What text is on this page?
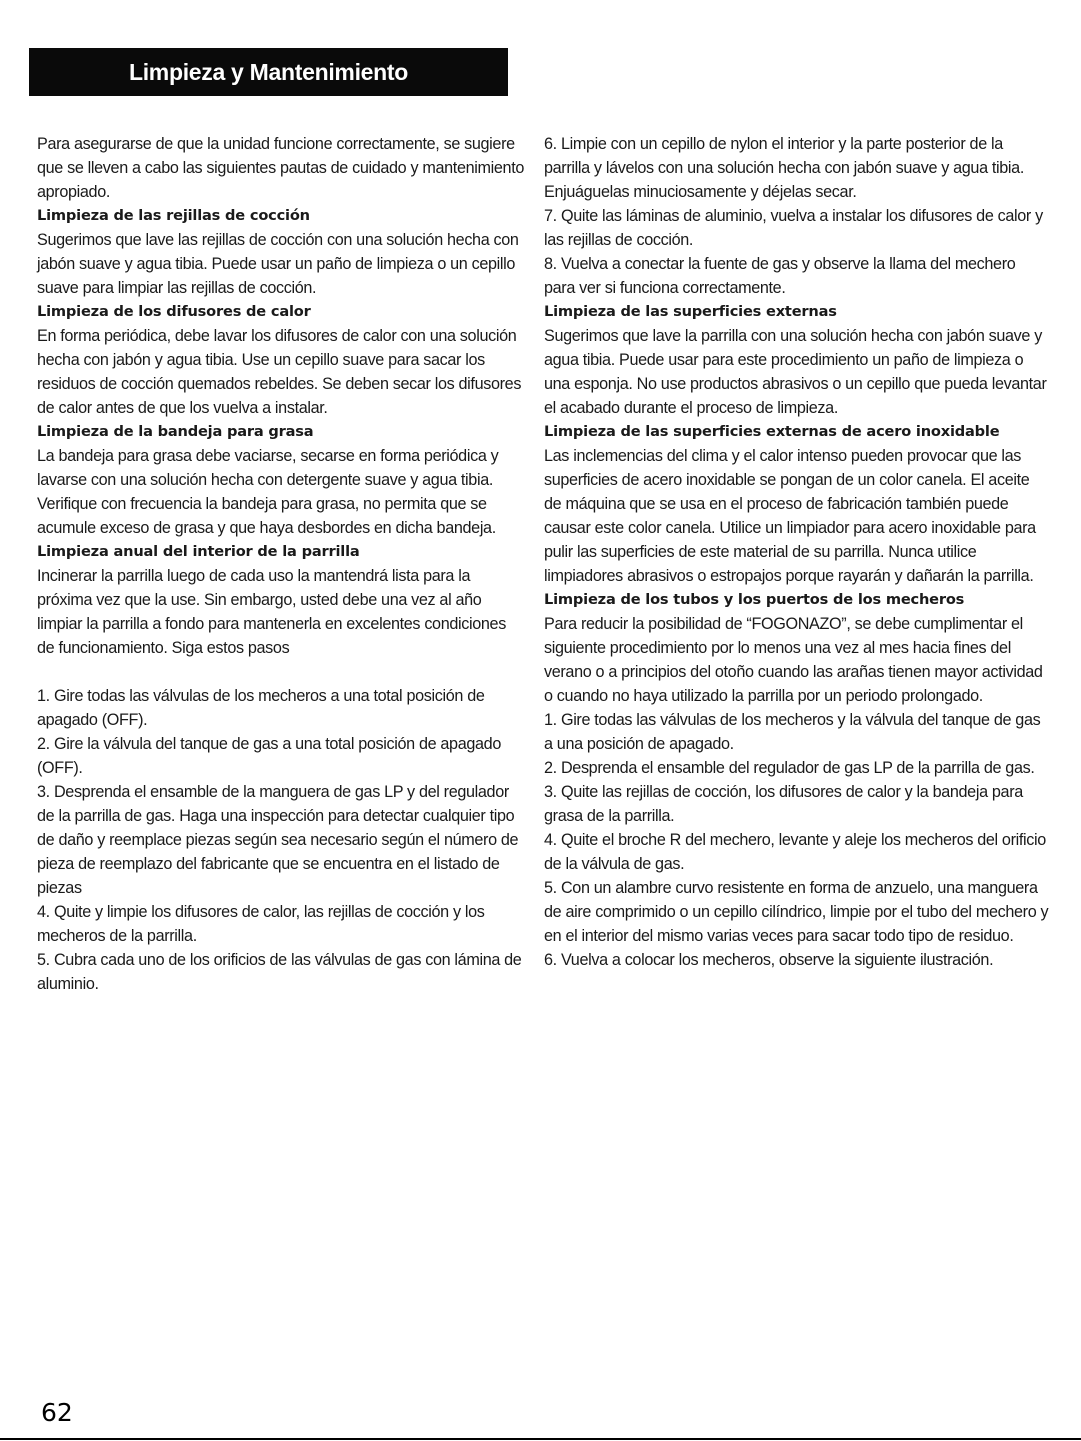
Limpieza y Mantenimiento

Para asegurarse de que la unidad funcione correctamente, se sugiere que se lleven a cabo las siguientes pautas de cuidado y mantenimiento apropiado.

Limpieza de las rejillas de cocción

Sugerimos que lave las rejillas de cocción con una solución hecha con jabón suave y agua tibia. Puede usar un paño de limpieza o un cepillo suave para limpiar las rejillas de cocción.

Limpieza de los difusores de calor

En forma periódica, debe lavar los difusores de calor con una solución hecha con jabón y agua tibia. Use un cepillo suave para sacar los residuos de cocción quemados rebeldes. Se deben secar los difusores de calor antes de que los vuelva a instalar.

Limpieza de la bandeja para grasa

La bandeja para grasa debe vaciarse, secarse en forma periódica y lavarse con una solución hecha con detergente suave y agua tibia. Verifique con frecuencia la bandeja para grasa, no permita que se acumule exceso de grasa y que haya desbordes en dicha bandeja.

Limpieza anual del interior de la parrilla

Incinerar la parrilla luego de cada uso la mantendrá lista para la próxima vez que la use. Sin embargo, usted debe una vez al año limpiar la parrilla a fondo para mantenerla en excelentes condiciones de funcionamiento. Siga estos pasos

1. Gire todas las válvulas de los mecheros a una total posición de apagado (OFF).

2. Gire la válvula del tanque de gas a una total posición de apagado (OFF).

3. Desprenda el ensamble de la manguera de gas LP y del regulador de la parrilla de gas. Haga una inspección para detectar cualquier tipo de daño y reemplace piezas según sea necesario según el número de pieza de reemplazo del fabricante que se encuentra en el listado de piezas

4. Quite y limpie los difusores de calor, las rejillas de cocción y los mecheros de la parrilla.

5. Cubra cada uno de los orificios de las válvulas de gas con lámina de aluminio.

6. Limpie con un cepillo de nylon el interior y la parte posterior de la parrilla y lávelos con una solución hecha con jabón suave y agua tibia.

Enjuáguelas minuciosamente y déjelas secar.

7. Quite las láminas de aluminio, vuelva a instalar los difusores de calor y las rejillas de cocción.

8. Vuelva a conectar la fuente de gas y observe la llama del mechero para ver si funciona correctamente.

Limpieza de las superficies externas

Sugerimos que lave la parrilla con una solución hecha con jabón suave y agua tibia. Puede usar para este procedimiento un paño de limpieza o una esponja. No use productos abrasivos o un cepillo que pueda levantar el acabado durante el proceso de limpieza.

Limpieza de las superficies externas de acero inoxidable

Las inclemencias del clima y el calor intenso pueden provocar que las superficies de acero inoxidable se pongan de un color canela. El aceite de máquina que se usa en el proceso de fabricación también puede causar este color canela. Utilice un limpiador para acero inoxidable para pulir las superficies de este material de su parrilla. Nunca utilice limpiadores abrasivos o estropajos porque rayarán y dañarán la parrilla.

Limpieza de los tubos y los puertos de los mecheros

Para reducir la posibilidad de “FOGONAZO”, se debe cumplimentar el siguiente procedimiento por lo menos una vez al mes hacia fines del verano o a principios del otoño cuando las arañas tienen mayor actividad o cuando no haya utilizado la parrilla por un periodo prolongado.

1. Gire todas las válvulas de los mecheros y la válvula del tanque de gas a una posición de apagado.

2. Desprenda el ensamble del regulador de gas LP de la parrilla de gas.

3. Quite las rejillas de cocción, los difusores de calor y la bandeja para grasa de la parrilla.

4. Quite el broche R del mechero, levante y aleje los mecheros del orificio de la válvula de gas.

5. Con un alambre curvo resistente en forma de anzuelo, una manguera de aire comprimido o un cepillo cilíndrico, limpie por el tubo del mechero y en el interior del mismo varias veces para sacar todo tipo de residuo.

6. Vuelva a colocar los mecheros, observe la siguiente ilustración.

62
